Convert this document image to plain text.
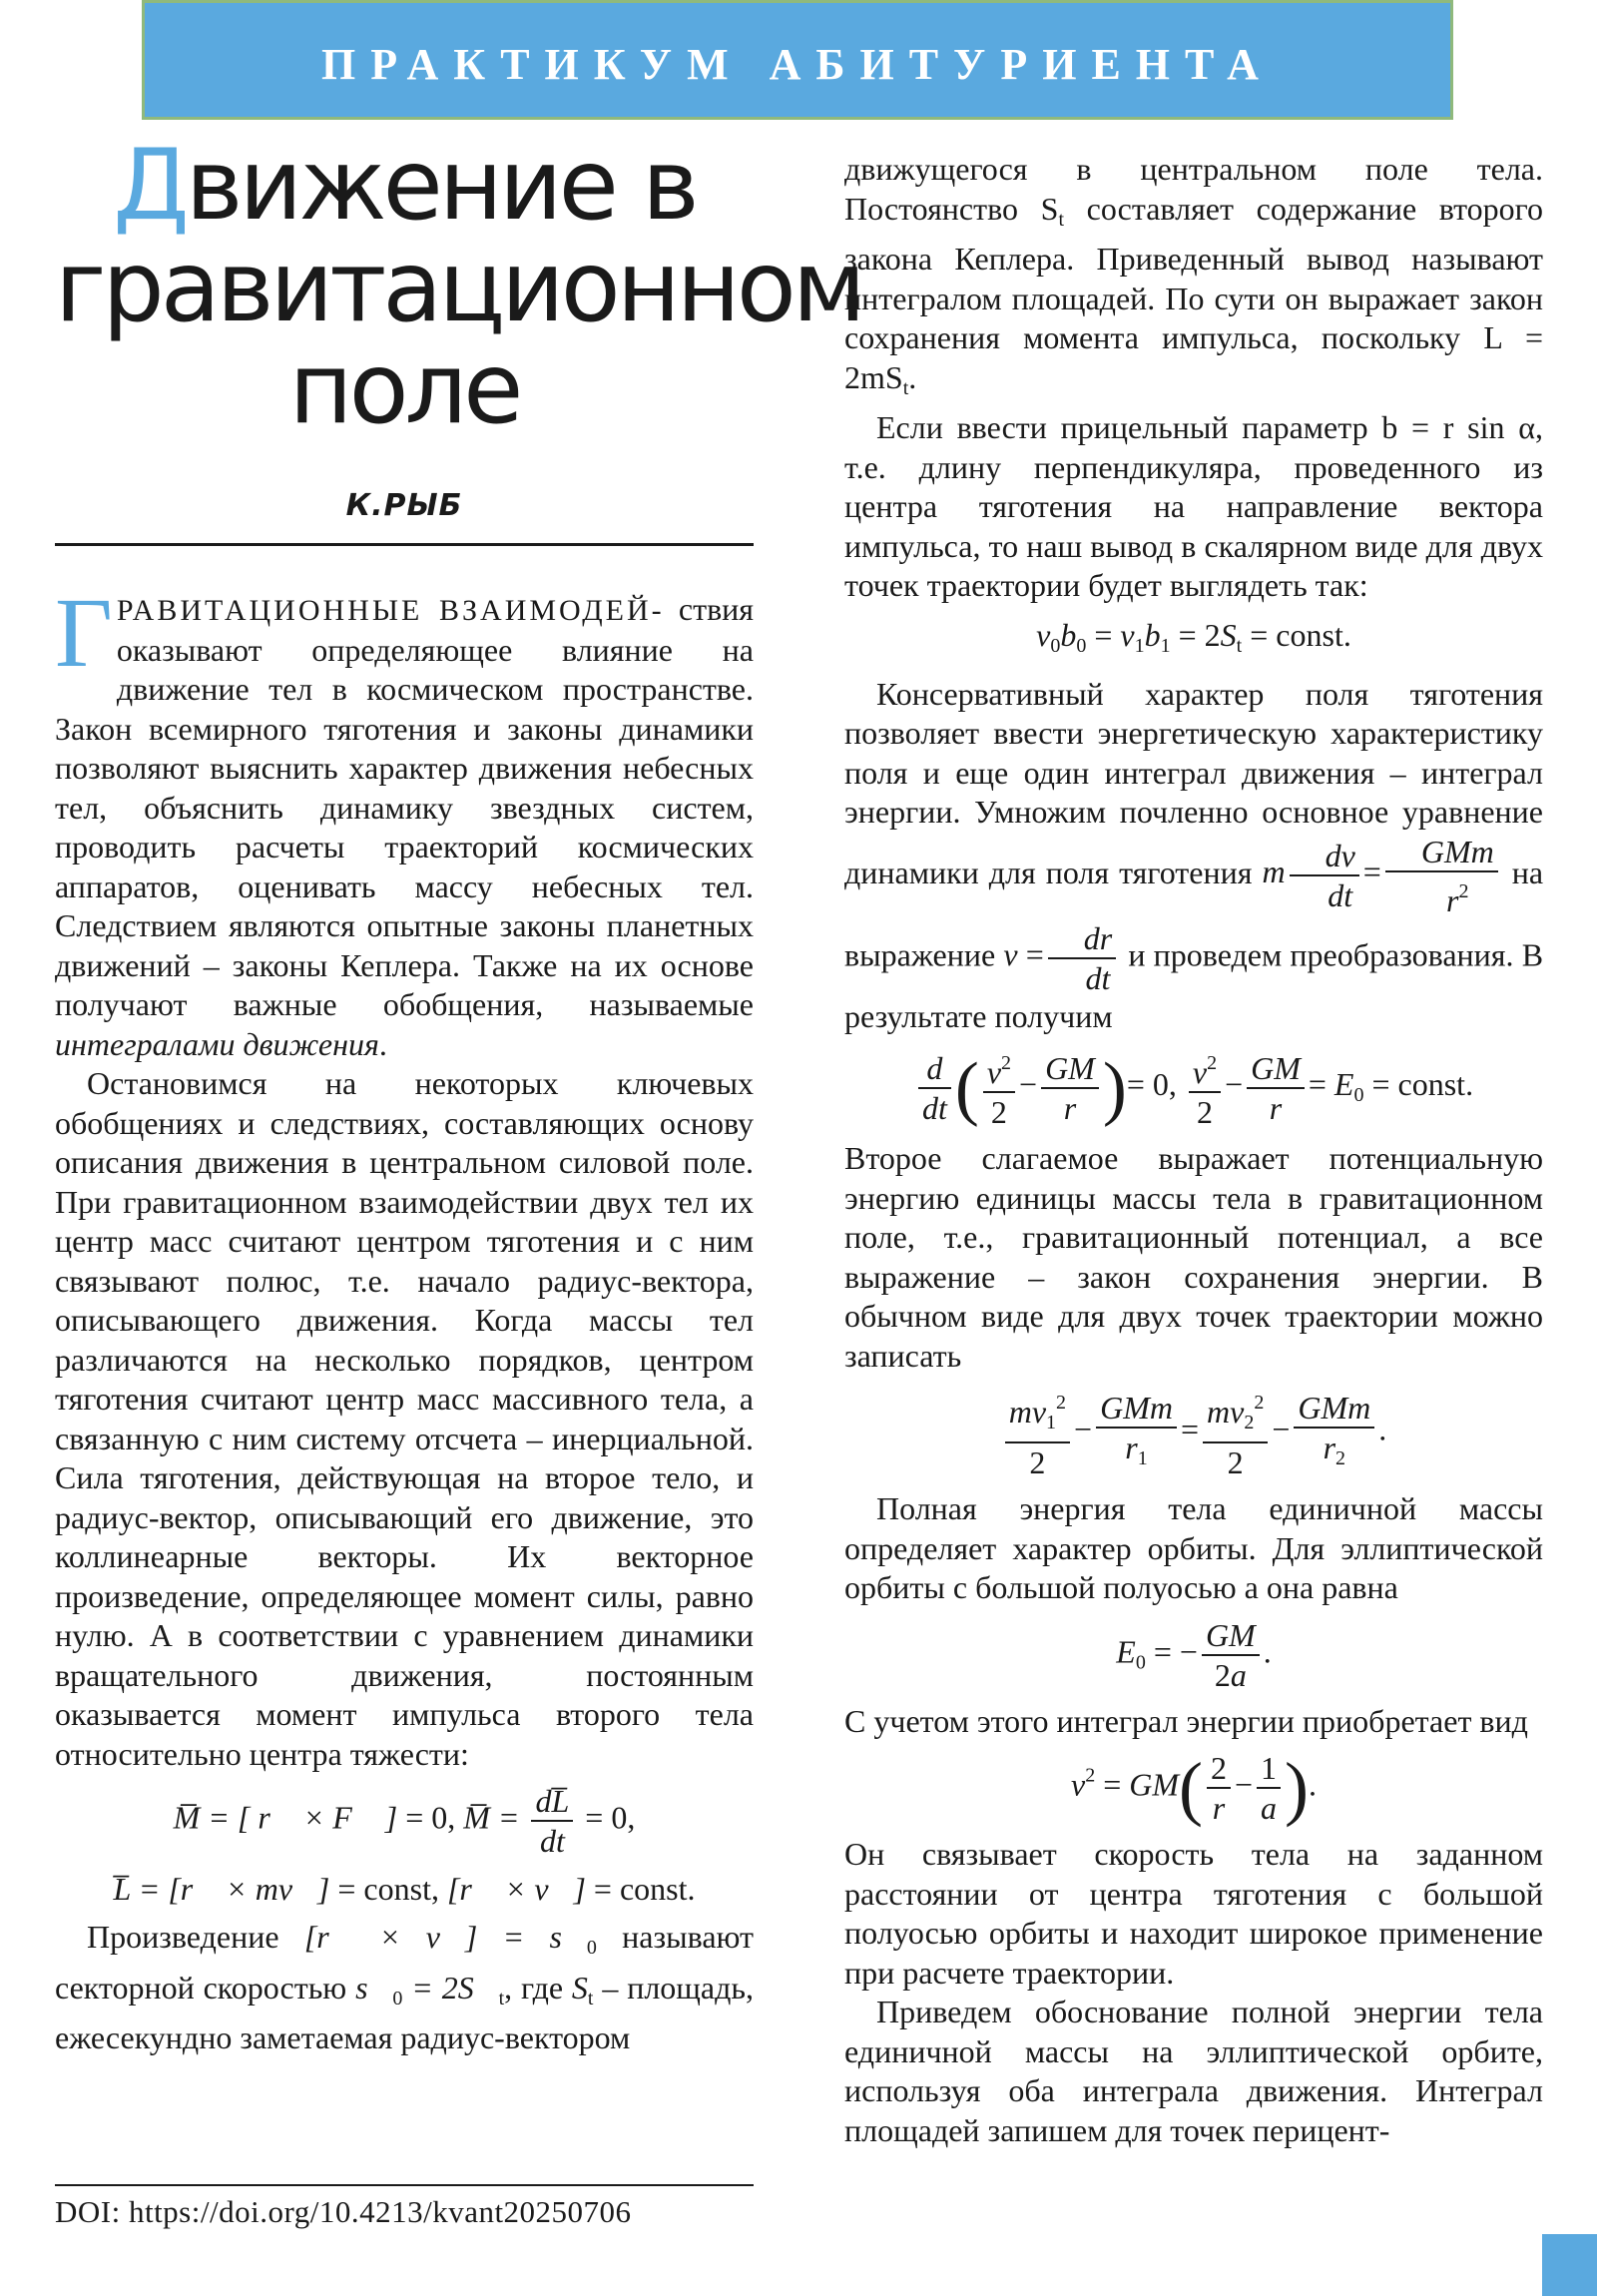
ПРАКТИКУМ АБИТУРИЕНТА
Движение в
гравитационном
поле
К.РЫБ

ГРАВИТАЦИОННЫЕ ВЗАИМОДЕЙ- ствия оказывают определяющее влияние на движение тел в космическом пространстве. Закон всемирного тяготения и законы динамики позволяют выяснить характер движения небесных тел, объяснить динамику звездных систем, проводить расчеты траекторий космических аппаратов, оценивать массу небесных тел. Следствием являются опытные законы планетных движений – законы Кеплера. Также на их основе получают важные обобщения, называемые интегралами движения.

Остановимся на некоторых ключевых обобщениях и следствиях, составляющих основу описания движения в центральном силовой поле. При гравитационном взаимодействии двух тел их центр масс считают центром тяготения и с ним связывают полюс, т.е. начало радиус-вектора, описывающего движения. Когда массы тел различаются на несколько порядков, центром тяготения считают центр масс массивного тела, а связанную с ним систему отсчета – инерциальной. Сила тяготения, действующая на второе тело, и радиус-вектор, описывающий его движение, это коллинеарные векторы. Их векторное произведение, определяющее момент силы, равно нулю. А в соответствии с уравнением динамики вращательного движения, постоянным оказывается момент импульса второго тела относительно центра тяжести:

M̅ = [ r⃗ × F⃗ ] = 0, M̅ = $\frac{dL̅}{dt} = 0$,
L̅ = [r⃗ × mv⃗] = const, [r⃗ × v⃗] = const.

Произведение [r⃗ × v⃗] = $s⃗_0$ называют секторной скоростью $s⃗_0$ = $2S⃗_t$, где $S_t$ – площадь, ежесекундно заметаемая радиус-вектором

DOI: https://doi.org/10.4213/kvant20250706

движущегося в центральном поле тела. Постоянство $S_t$ составляет содержание второго закона Кеплера. Приведенный вывод называют интегралом площадей. По сути он выражает закон сохранения момента импульса, поскольку $L = 2mS_t$.

Если ввести прицельный параметр b = r sin α, т.е. длину перпендикуляра, проведенного из центра тяготения на направление вектора импульса, то наш вывод в скалярном виде для двух точек траектории будет выглядеть так:

$v_0b_0 = v_1b_1 = 2S_t$ = const.

Консервативный характер поля тяготения позволяет ввести энергетическую характеристику поля и еще один интеграл движения – интеграл энергии. Умножим почленно основное уравнение динамики для поля тяготения m $\frac{dv}{dt} = \frac{\text{GMm}}{r^2}$ на выражение $v = \frac{dr}{dt}$ и проведем преобразования. В результате получим

$\frac{d}{dt}$ ( $\frac{v^2}{2} - \frac{GM}{r}$ )= 0, $\frac{v^2}{2} - \frac{GM}{r} = E_0$ = const.

Второе слагаемое выражает потенциальную энергию единицы массы тела в гравитационном поле, т.е., гравитационный потенциал, а все выражение – закон сохранения энергии. В обычном виде для двух точек траектории можно записать

$\frac{mv_1^2}{2} - \frac{\text{GMm}}{r_1} = \frac{mv_2^2}{2} - \frac{\text{GMm}}{r_2}$ .

Полная энергия тела единичной массы определяет характер орбиты. Для эллиптической орбиты с большой полуосью a она равна

$E_0$ = − $\frac{GM}{2a}$ .

С учетом этого интеграл энергии приобретает вид

$v^2 = GM( \frac{2}{r} - \frac{1}{a}$ ).

Он связывает скорость тела на заданном расстоянии от центра тяготения с большой полуосью орбиты и находит широкое применение при расчете траектории.

Приведем обоснование полной энергии тела единичной массы на эллиптической орбите, используя оба интеграла движения. Интеграл площадей запишем для точек перицент-
